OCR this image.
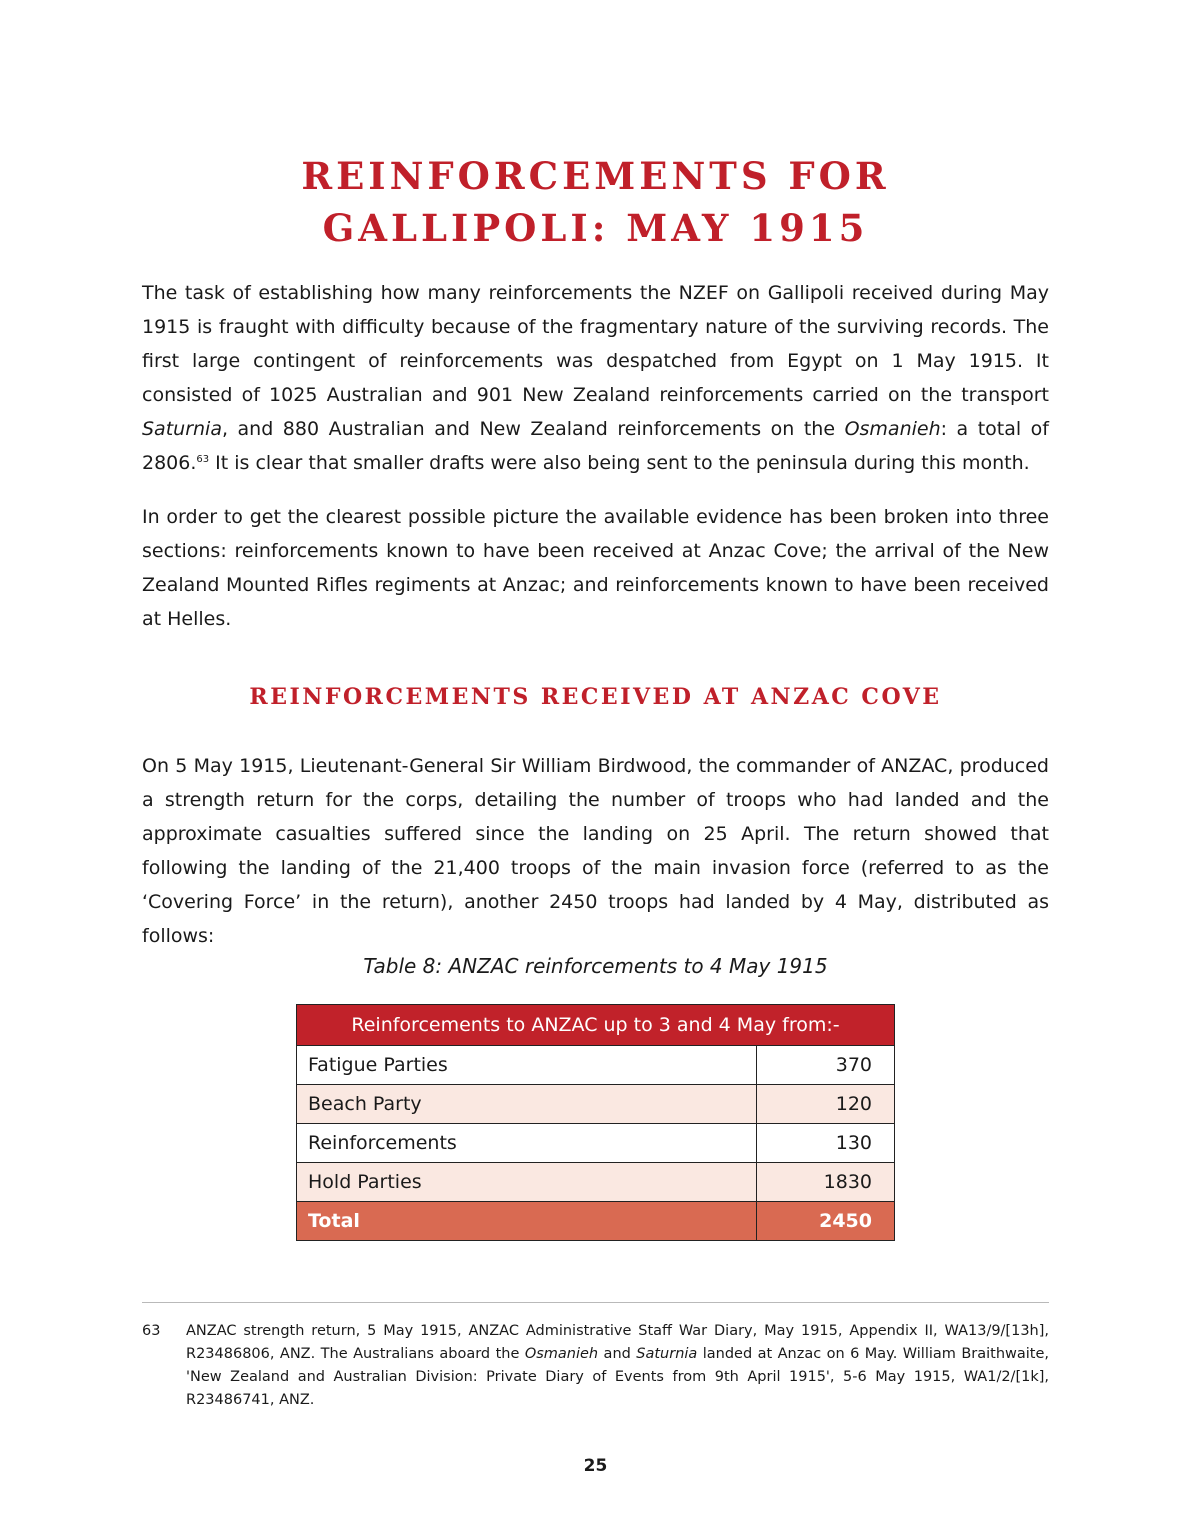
REINFORCEMENTS FOR
GALLIPOLI: MAY 1915

The task of establishing how many reinforcements the NZEF on Gallipoli received during May 1915 is fraught with difficulty because of the fragmentary nature of the surviving records. The first large contingent of reinforcements was despatched from Egypt on 1 May 1915. It consisted of 1025 Australian and 901 New Zealand reinforcements carried on the transport Saturnia, and 880 Australian and New Zealand reinforcements on the Osmanieh: a total of 2806.63 It is clear that smaller drafts were also being sent to the peninsula during this month.

In order to get the clearest possible picture the available evidence has been broken into three sections: reinforcements known to have been received at Anzac Cove; the arrival of the New Zealand Mounted Rifles regiments at Anzac; and reinforcements known to have been received at Helles.

REINFORCEMENTS RECEIVED AT ANZAC COVE

On 5 May 1915, Lieutenant-General Sir William Birdwood, the commander of ANZAC, produced a strength return for the corps, detailing the number of troops who had landed and the approximate casualties suffered since the landing on 25 April. The return showed that following the landing of the 21,400 troops of the main invasion force (referred to as the ‘Covering Force’ in the return), another 2450 troops had landed by 4 May, distributed as follows:

Table 8: ANZAC reinforcements to 4 May 1915

Reinforcements to ANZAC up to 3 and 4 May from:-	
Fatigue Parties	370
Beach Party	120
Reinforcements	130
Hold Parties	1830
Total	2450
63 ANZAC strength return, 5 May 1915, ANZAC Administrative Staff War Diary, May 1915, Appendix II, WA13/9/[13h], R23486806, ANZ. The Australians aboard the Osmanieh and Saturnia landed at Anzac on 6 May. William Braithwaite, 'New Zealand and Australian Division: Private Diary of Events from 9th April 1915', 5-6 May 1915, WA1/2/[1k], R23486741, ANZ.

25
